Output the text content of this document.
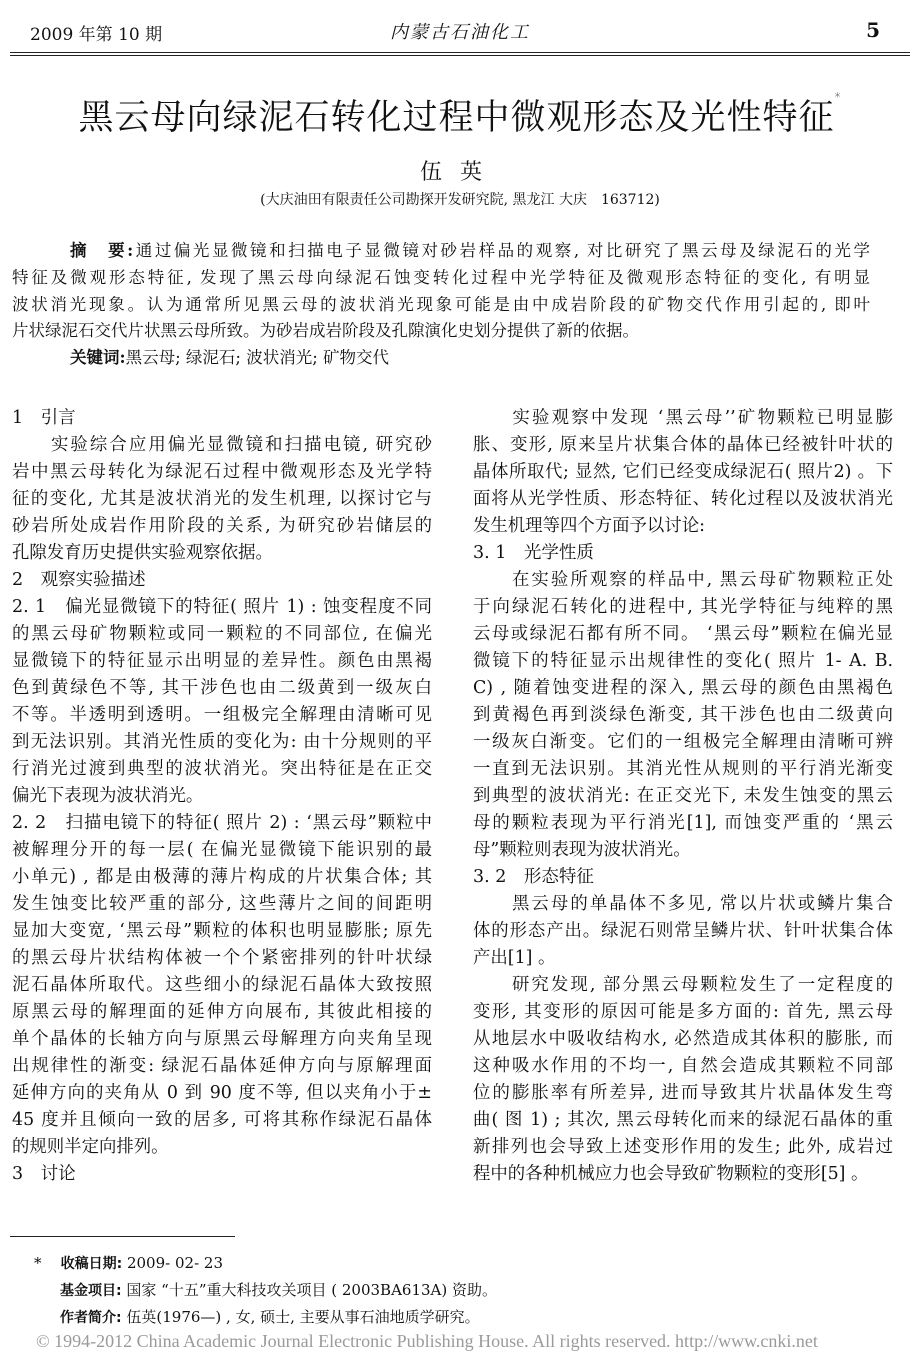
2009 年第 10 期	内蒙古石油化工	5
黑云母向绿泥石转化过程中微观形态及光性特征*
伍英
(大庆油田有限责任公司勘探开发研究院, 黑龙江 大庆　163712)
摘　要:通过偏光显微镜和扫描电子显微镜对砂岩样品的观察, 对比研究了黑云母及绿泥石的光学
特征及微观形态特征, 发现了黑云母向绿泥石蚀变转化过程中光学特征及微观形态特征的变化, 有明显
波状消光现象。认为通常所见黑云母的波状消光现象可能是由中成岩阶段的矿物交代作用引起的, 即叶
片状绿泥石交代片状黑云母所致。为砂岩成岩阶段及孔隙演化史划分提供了新的依据。
关键词:黑云母; 绿泥石; 波状消光; 矿物交代
1　引言
　　实验综合应用偏光显微镜和扫描电镜, 研究砂
岩中黑云母转化为绿泥石过程中微观形态及光学特
征的变化, 尤其是波状消光的发生机理, 以探讨它与
砂岩所处成岩作用阶段的关系, 为研究砂岩储层的
孔隙发育历史提供实验观察依据。
2　观察实验描述
2. 1　偏光显微镜下的特征( 照片 1) : 蚀变程度不同
的黑云母矿物颗粒或同一颗粒的不同部位, 在偏光
显微镜下的特征显示出明显的差异性。颜色由黑褐
色到黄绿色不等, 其干涉色也由二级黄到一级灰白
不等。半透明到透明。一组极完全解理由清晰可见
到无法识别。其消光性质的变化为: 由十分规则的平
行消光过渡到典型的波状消光。突出特征是在正交
偏光下表现为波状消光。
2. 2　扫描电镜下的特征( 照片 2) : ‘黑云母”颗粒中
被解理分开的每一层( 在偏光显微镜下能识别的最
小单元) , 都是由极薄的薄片构成的片状集合体; 其
发生蚀变比较严重的部分, 这些薄片之间的间距明
显加大变宽, ‘黑云母”颗粒的体积也明显膨胀; 原先
的黑云母片状结构体被一个个紧密排列的针叶状绿
泥石晶体所取代。这些细小的绿泥石晶体大致按照
原黑云母的解理面的延伸方向展布, 其彼此相接的
单个晶体的长轴方向与原黑云母解理方向夹角呈现
出规律性的渐变: 绿泥石晶体延伸方向与原解理面
延伸方向的夹角从 0 到 90 度不等, 但以夹角小于±
45 度并且倾向一致的居多, 可将其称作绿泥石晶体
的规则半定向排列。
3　讨论
　　实验观察中发现 ‘黑云母’’矿物颗粒已明显膨
胀、变形, 原来呈片状集合体的晶体已经被针叶状的
晶体所取代; 显然, 它们已经变成绿泥石( 照片2) 。下
面将从光学性质、形态特征、转化过程以及波状消光
发生机理等四个方面予以讨论:
3. 1　光学性质
　　在实验所观察的样品中, 黑云母矿物颗粒正处
于向绿泥石转化的进程中, 其光学特征与纯粹的黑
云母或绿泥石都有所不同。 ‘黑云母”颗粒在偏光显
微镜下的特征显示出规律性的变化( 照片 1- A. B.
C) , 随着蚀变进程的深入, 黑云母的颜色由黑褐色
到黄褐色再到淡绿色渐变, 其干涉色也由二级黄向
一级灰白渐变。它们的一组极完全解理由清晰可辨
一直到无法识别。其消光性从规则的平行消光渐变
到典型的波状消光: 在正交光下, 未发生蚀变的黑云
母的颗粒表现为平行消光[1], 而蚀变严重的 ‘黑云
母”颗粒则表现为波状消光。
3. 2　形态特征
　　黑云母的单晶体不多见, 常以片状或鳞片集合
体的形态产出。绿泥石则常呈鳞片状、针叶状集合体
产出[1] 。
　　研究发现, 部分黑云母颗粒发生了一定程度的
变形, 其变形的原因可能是多方面的: 首先, 黑云母
从地层水中吸收结构水, 必然造成其体积的膨胀, 而
这种吸水作用的不均一, 自然会造成其颗粒不同部
位的膨胀率有所差异, 进而导致其片状晶体发生弯
曲( 图 1) ; 其次, 黑云母转化而来的绿泥石晶体的重
新排列也会导致上述变形作用的发生; 此外, 成岩过
程中的各种机械应力也会导致矿物颗粒的变形[5] 。
* 收稿日期: 2009- 02- 23
基金项目: 国家 “十五”重大科技攻关项目 ( 2003BA613A) 资助。
作者简介: 伍英(1976—) , 女, 硕士, 主要从事石油地质学研究。
© 1994-2012 China Academic Journal Electronic Publishing House. All rights reserved. http://www.cnki.net
